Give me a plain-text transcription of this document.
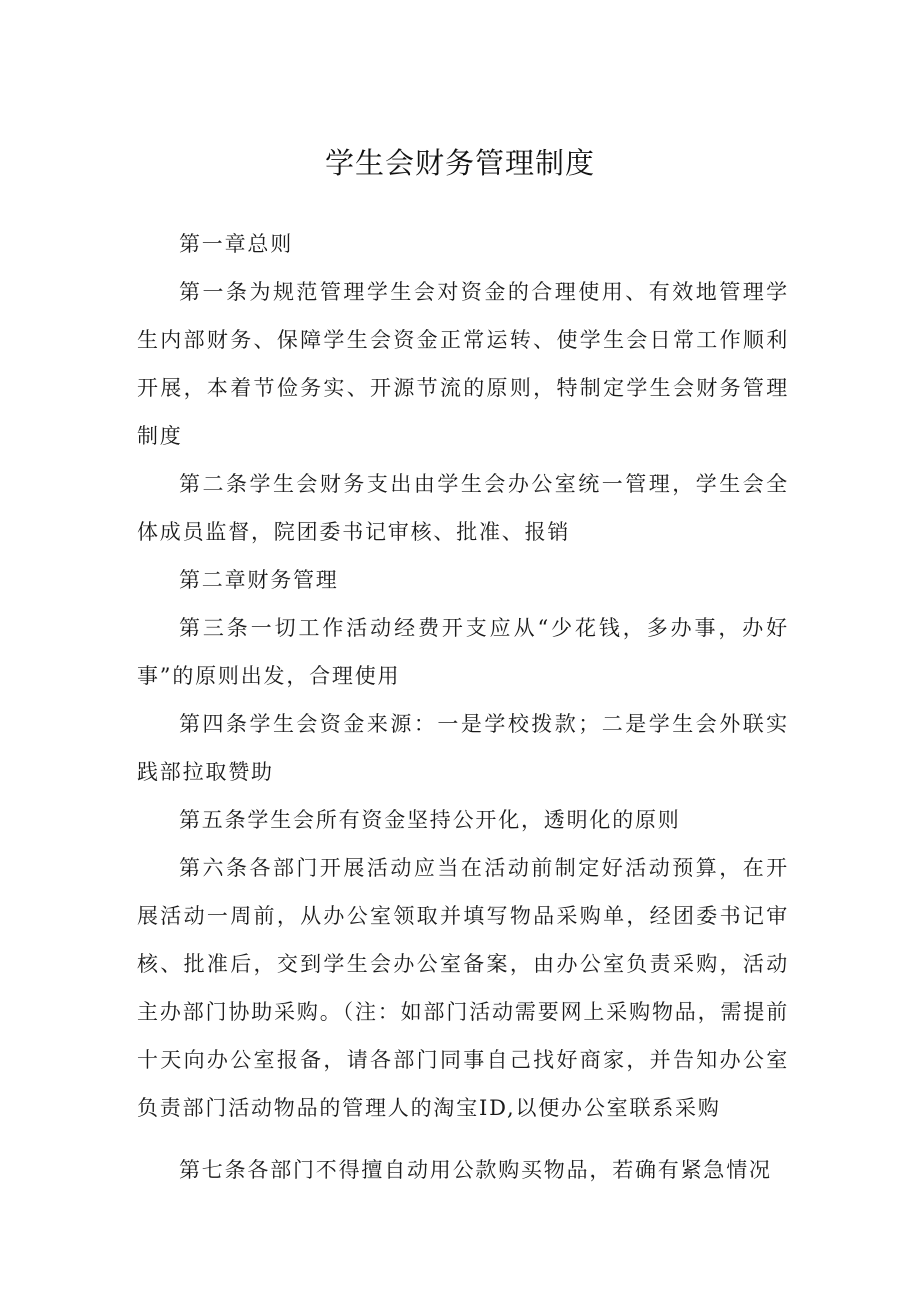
学生会财务管理制度

第一章总则

第一条为规范管理学生会对资金的合理使用、有效地管理学生内部财务、保障学生会资金正常运转、使学生会日常工作顺利开展，本着节俭务实、开源节流的原则，特制定学生会财务管理制度

第二条学生会财务支出由学生会办公室统一管理，学生会全体成员监督，院团委书记审核、批准、报销

第二章财务管理

第三条一切工作活动经费开支应从“少花钱，多办事，办好事”的原则出发，合理使用

第四条学生会资金来源：一是学校拨款；二是学生会外联实践部拉取赞助

第五条学生会所有资金坚持公开化，透明化的原则

第六条各部门开展活动应当在活动前制定好活动预算，在开展活动一周前，从办公室领取并填写物品采购单，经团委书记审核、批准后，交到学生会办公室备案，由办公室负责采购，活动主办部门协助采购。（注：如部门活动需要网上采购物品，需提前十天向办公室报备，请各部门同事自己找好商家，并告知办公室负责部门活动物品的管理人的淘宝ID,以便办公室联系采购

第七条各部门不得擅自动用公款购买物品，若确有紧急情况
